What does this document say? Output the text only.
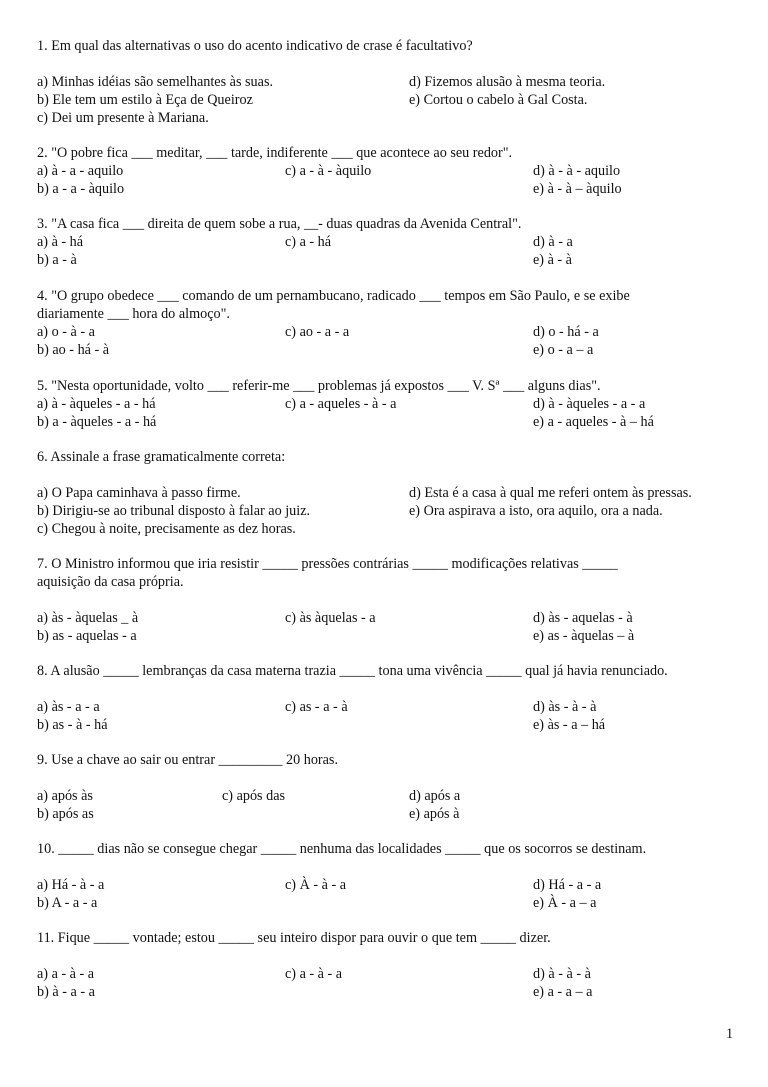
1. Em qual das alternativas o uso do acento indicativo de crase é facultativo?
a) Minhas idéias são semelhantes às suas.	d) Fizemos alusão à mesma teoria.
b) Ele tem um estilo à Eça de Queiroz	e) Cortou o cabelo à Gal Costa.
c) Dei um presente à Mariana.
2. "O pobre fica ___ meditar, ___ tarde, indiferente ___ que acontece ao seu redor".
a) à - a - aquilo	c) a - à - àquilo	d) à - à - aquilo
b) a - a - àquilo	e) à - à – àquilo
3. "A casa fica ___ direita de quem sobe a rua, __- duas quadras da Avenida Central".
a) à - há	c) a - há	d) à - a
b) a - à	e) à - à
4. "O grupo obedece ___ comando de um pernambucano, radicado ___ tempos em São Paulo, e se exibe
diariamente ___ hora do almoço".
a) o - à - a	c) ao - a - a	d) o - há - a
b) ao - há - à	e) o - a – a
5. "Nesta oportunidade, volto ___ referir-me ___ problemas já expostos ___ V. Sª ___ alguns dias".
a) à - àqueles - a - há	c) a - aqueles - à - a	d) à - àqueles - a - a
b) a - àqueles - a - há	e) a - aqueles - à – há
6. Assinale a frase gramaticalmente correta:
a) O Papa caminhava à passo firme.	d) Esta é a casa à qual me referi ontem às pressas.
b) Dirigiu-se ao tribunal disposto à falar ao juiz.	e) Ora aspirava a isto, ora aquilo, ora a nada.
c) Chegou à noite, precisamente as dez horas.
7. O Ministro informou que iria resistir _____ pressões contrárias _____ modificações relativas _____
aquisição da casa própria.
a) às - àquelas _ à	c) às àquelas - a	d) às - aquelas - à
b) as - aquelas - a	e) as - àquelas – à
8. A alusão _____ lembranças da casa materna trazia _____ tona uma vivência _____ qual já havia renunciado.
a) às - a - a	c) as - a - à	d) às - à - à
b) as - à - há	e) às - a – há
9. Use a chave ao sair ou entrar _________ 20 horas.
a) após às	c) após das	d) após a
b) após as	e) após à
10. _____ dias não se consegue chegar _____ nenhuma das localidades _____ que os socorros se destinam.
a) Há - à - a	c) À - à - a	d) Há - a - a
b) A - a - a	e) À - a – a
11. Fique _____ vontade; estou _____ seu inteiro dispor para ouvir o que tem _____ dizer.
a) a - à - a	c) a - à - a	d) à - à - à
b) à - a - a	e) a - a – a
1
